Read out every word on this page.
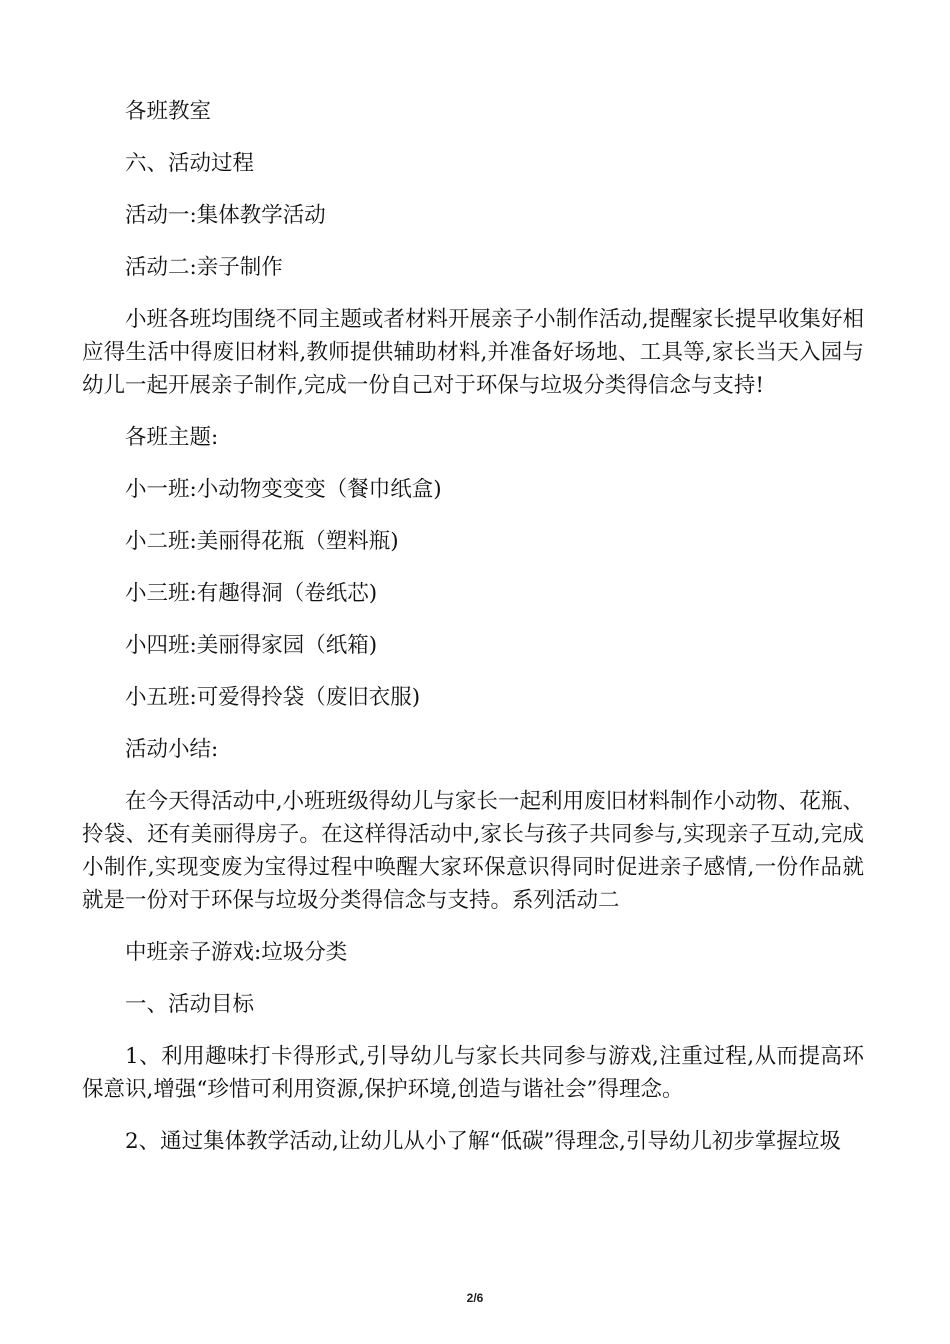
各班教室

六、活动过程

活动一:集体教学活动

活动二:亲子制作

小班各班均围绕不同主题或者材料开展亲子小制作活动,提醒家长提早收集好相应得生活中得废旧材料,教师提供辅助材料,并准备好场地、工具等,家长当天入园与幼儿一起开展亲子制作,完成一份自己对于环保与垃圾分类得信念与支持!

各班主题:

小一班:小动物变变变（餐巾纸盒)

小二班:美丽得花瓶（塑料瓶)

小三班:有趣得洞（卷纸芯)

小四班:美丽得家园（纸箱)

小五班:可爱得拎袋（废旧衣服)

活动小结:

在今天得活动中,小班班级得幼儿与家长一起利用废旧材料制作小动物、花瓶、拎袋、还有美丽得房子。在这样得活动中,家长与孩子共同参与,实现亲子互动,完成小制作,实现变废为宝得过程中唤醒大家环保意识得同时促进亲子感情,一份作品就就是一份对于环保与垃圾分类得信念与支持。系列活动二

中班亲子游戏:垃圾分类

一、活动目标

1、利用趣味打卡得形式,引导幼儿与家长共同参与游戏,注重过程,从而提高环保意识,增强“珍惜可利用资源,保护环境,创造与谐社会”得理念。

2、通过集体教学活动,让幼儿从小了解“低碳”得理念,引导幼儿初步掌握垃圾

2/6
